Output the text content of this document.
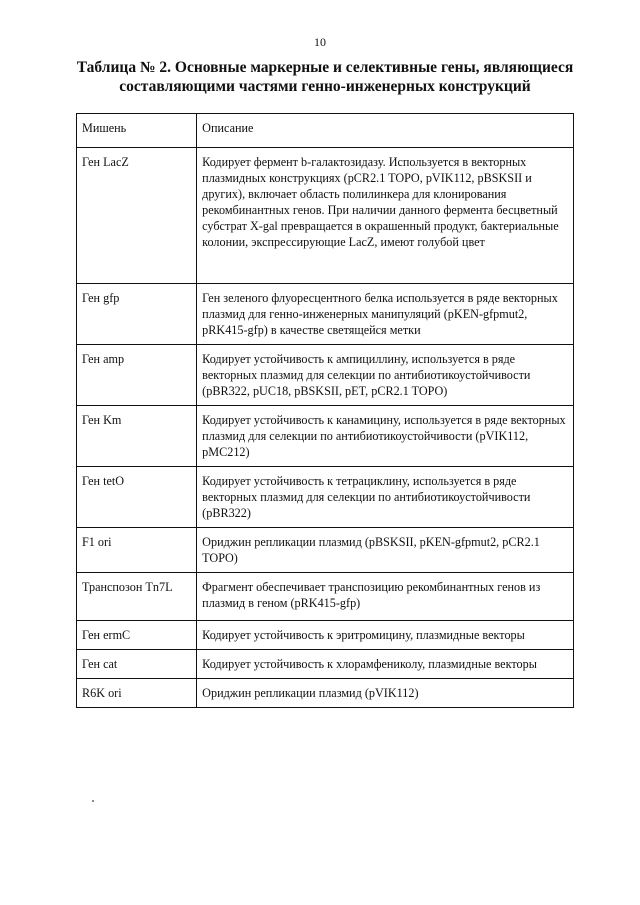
10
Таблица № 2. Основные маркерные и селективные гены, являющиеся
составляющими частями генно-инженерных конструкций
Мишень	Описание
Ген LacZ	Кодирует фермент b-галактозидазу. Используется в векторных плазмидных конструкциях (pCR2.1 TOPO, pVIK112, pBSKSII и других), включает область полилинкера для клонирования рекомбинантных генов. При наличии данного фермента бесцветный субстрат X-gal превращается в окрашенный продукт, бактериальные колонии, экспрессирующие LacZ, имеют голубой цвет
Ген gfp	Ген зеленого флуоресцентного белка используется в ряде векторных плазмид для генно-инженерных манипуляций (pKEN-gfpmut2, pRK415-gfp) в качестве светящейся метки
Ген amp	Кодирует устойчивость к ампициллину, используется в ряде векторных плазмид для селекции по антибиотикоустойчивости (pBR322, pUC18, pBSKSII, pET, pCR2.1 TOPO)
Ген Km	Кодирует устойчивость к канамицину, используется в ряде векторных плазмид для селекции по антибиотикоустойчивости (pVIK112, pMC212)
Ген tetO	Кодирует устойчивость к тетрациклину, используется в ряде векторных плазмид для селекции по антибиотикоустойчивости (pBR322)
F1 ori	Ориджин репликации плазмид (pBSKSII, pKEN-gfpmut2, pCR2.1 TOPO)
Транспозон Tn7L	Фрагмент обеспечивает транспозицию рекомбинантных генов из плазмид в геном (pRK415-gfp)
Ген ermC	Кодирует устойчивость к эритромицину, плазмидные векторы
Ген cat	Кодирует устойчивость к хлорамфениколу, плазмидные векторы
R6K ori	Ориджин репликации плазмид (pVIK112)
